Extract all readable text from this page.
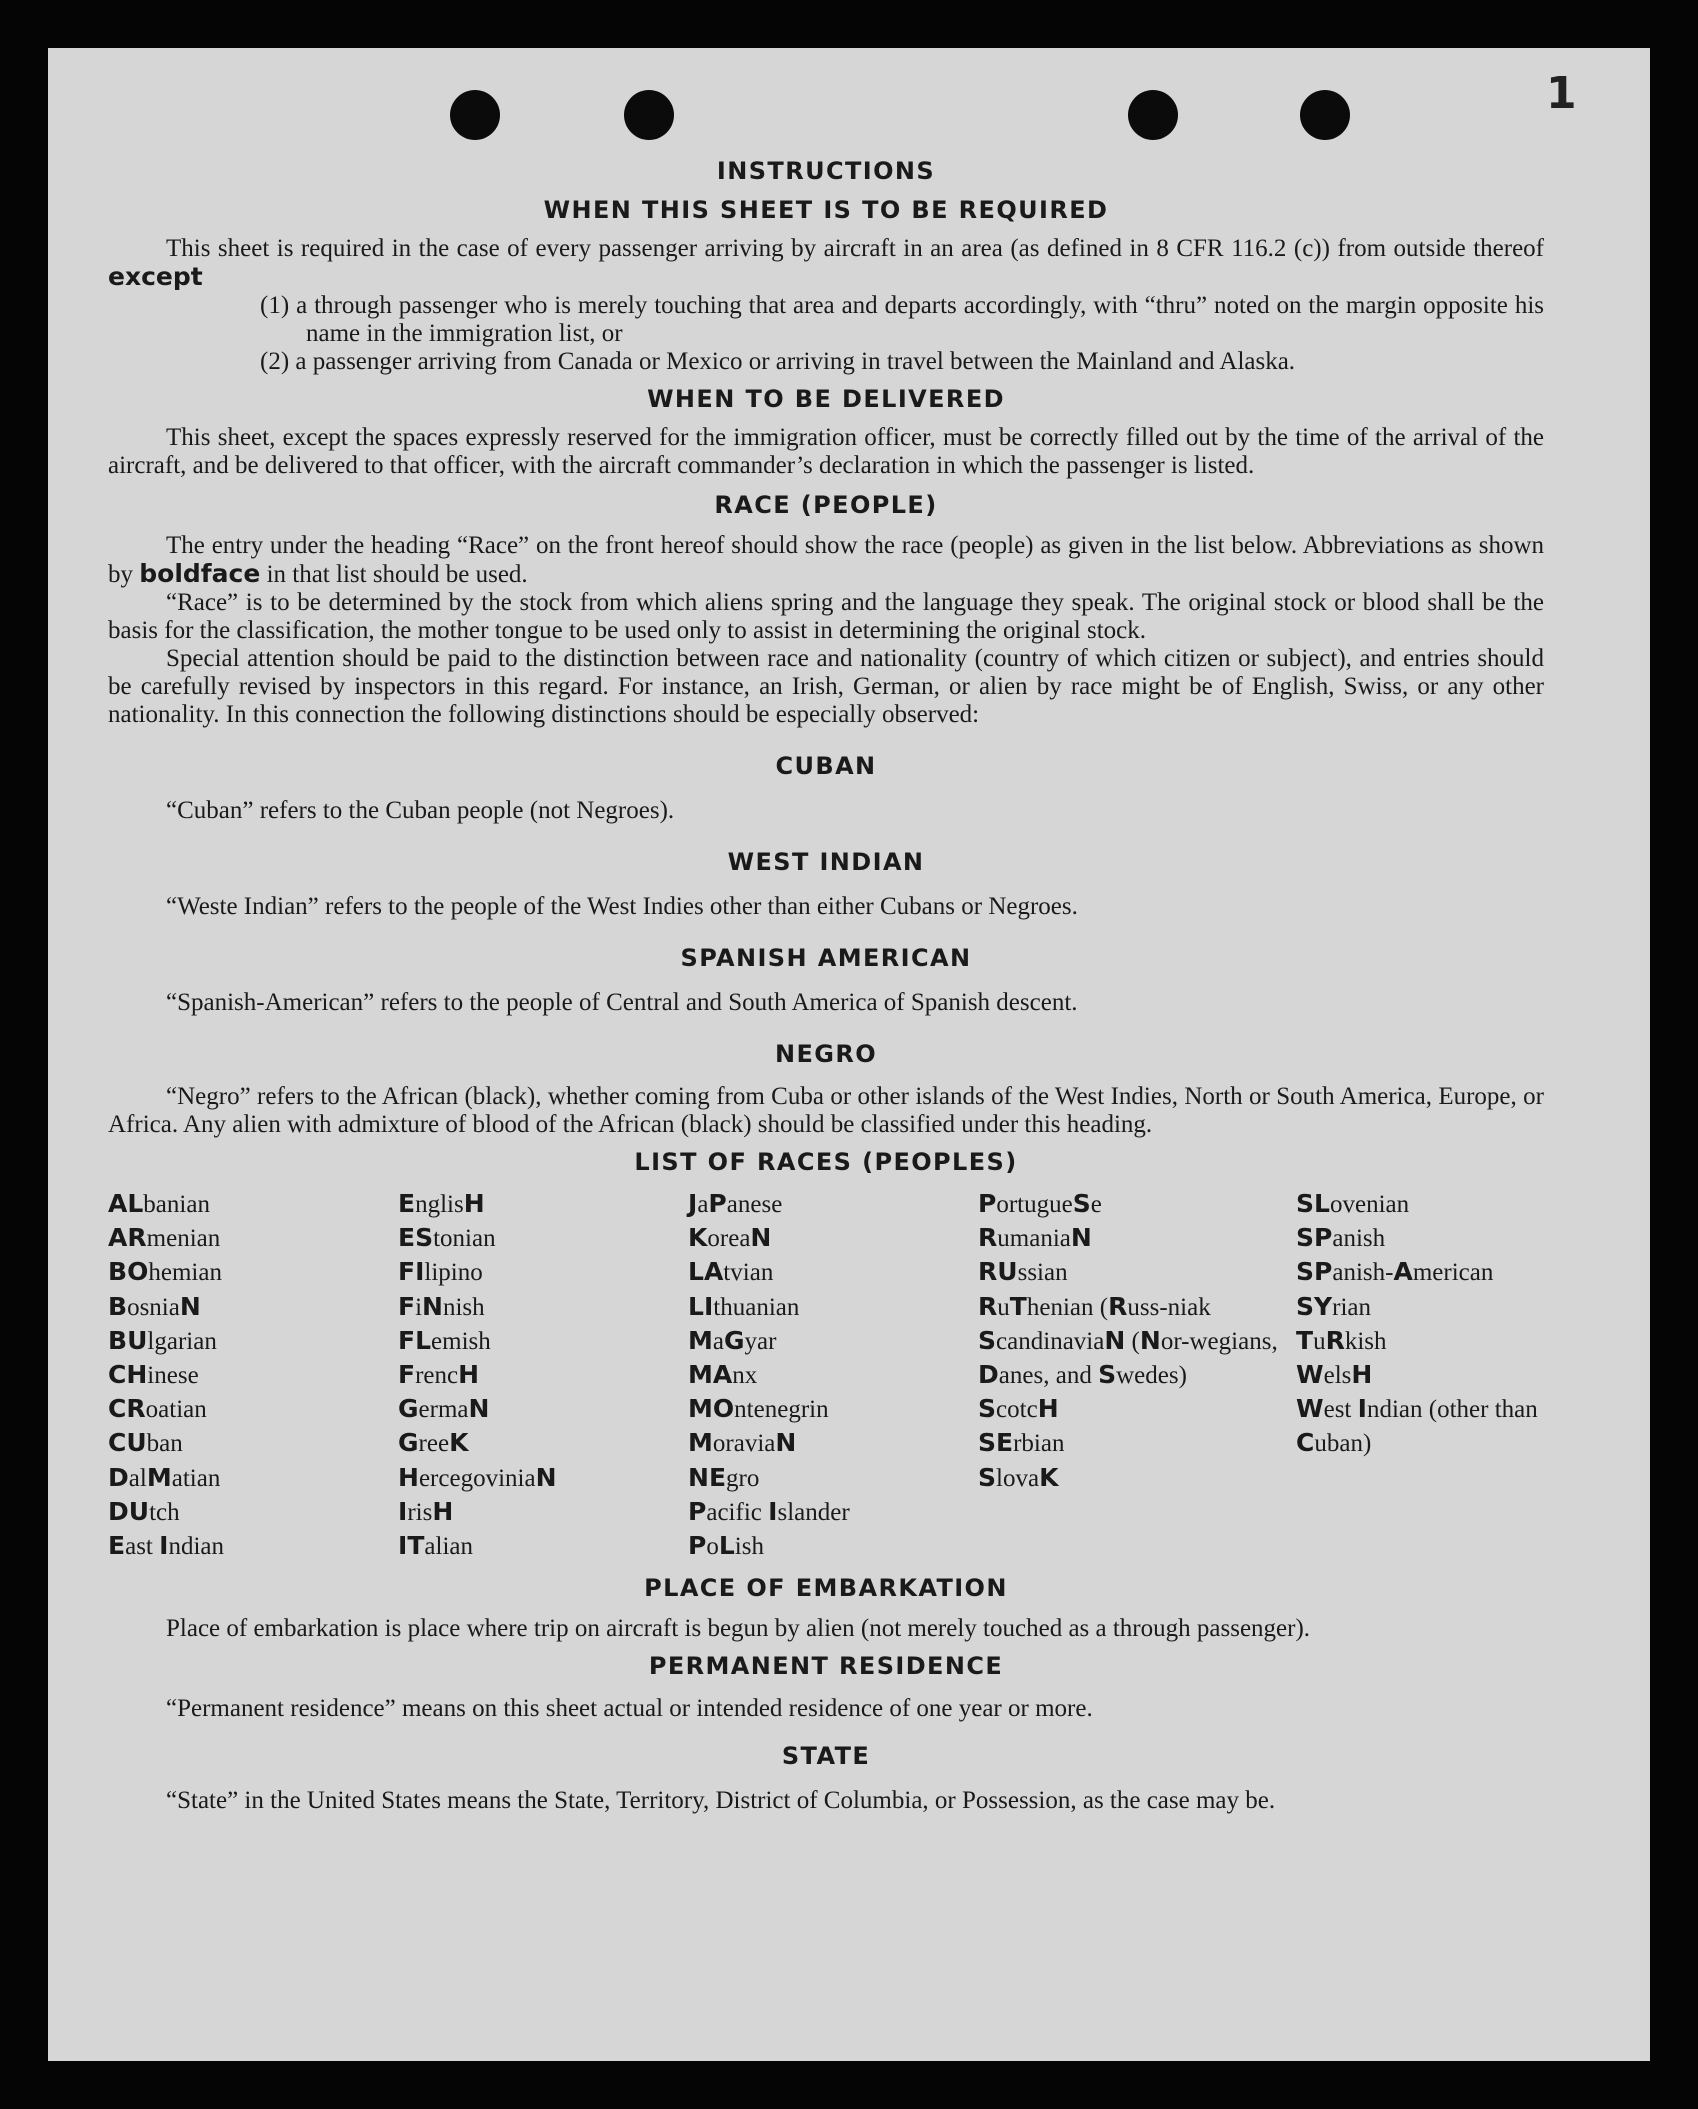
1
INSTRUCTIONS
WHEN THIS SHEET IS TO BE REQUIRED

This sheet is required in the case of every passenger arriving by aircraft in an area (as defined in 8 CFR 116.2 (c)) from outside thereof except

(1) a through passenger who is merely touching that area and departs accordingly, with “thru” noted on the margin opposite his name in the immigration list, or
(2) a passenger arriving from Canada or Mexico or arriving in travel between the Mainland and Alaska.
WHEN TO BE DELIVERED

This sheet, except the spaces expressly reserved for the immigration officer, must be correctly filled out by the time of the arrival of the aircraft, and be delivered to that officer, with the aircraft commander’s declaration in which the passenger is listed.

RACE (PEOPLE)

The entry under the heading “Race” on the front hereof should show the race (people) as given in the list below. Abbreviations as shown by boldface in that list should be used.

“Race” is to be determined by the stock from which aliens spring and the language they speak. The original stock or blood shall be the basis for the classification, the mother tongue to be used only to assist in determining the original stock.

Special attention should be paid to the distinction between race and nationality (country of which citizen or subject), and entries should be carefully revised by inspectors in this regard. For instance, an Irish, German, or alien by race might be of English, Swiss, or any other nationality. In this connection the following distinctions should be especially observed:

CUBAN

“Cuban” refers to the Cuban people (not Negroes).

WEST INDIAN

“Weste Indian” refers to the people of the West Indies other than either Cubans or Negroes.

SPANISH AMERICAN

“Spanish-American” refers to the people of Central and South America of Spanish descent.

NEGRO

“Negro” refers to the African (black), whether coming from Cuba or other islands of the West Indies, North or South America, Europe, or Africa. Any alien with admixture of blood of the African (black) should be classified under this heading.

LIST OF RACES (PEOPLES)
ALbanian
ARmenian
BOhemian
BosniaN
BUlgarian
CHinese
CRoatian
CUban
DalMatian
DUtch
East Indian
EnglisH
EStonian
FIlipino
FiNnish
FLemish
FrencH
GermaN
GreeK
HercegoviniaN
IrisH
ITalian
JaPanese
KoreaN
LAtvian
LIthuanian
MaGyar
MAnx
MOntenegrin
MoraviaN
NEgro
Pacific Islander
PoLish
PortugueSe
RumaniaN
RUssian
RuThenian (Russ-niak
ScandinaviaN (Nor-wegians, Danes, and Swedes)
ScotcH
SErbian
SlovaK
SLovenian
SPanish
SPanish-American
SYrian
TuRkish
WelsH
West Indian (other than Cuban)
PLACE OF EMBARKATION

Place of embarkation is place where trip on aircraft is begun by alien (not merely touched as a through passenger).

PERMANENT RESIDENCE

“Permanent residence” means on this sheet actual or intended residence of one year or more.

STATE

“State” in the United States means the State, Territory, District of Columbia, or Possession, as the case may be.
